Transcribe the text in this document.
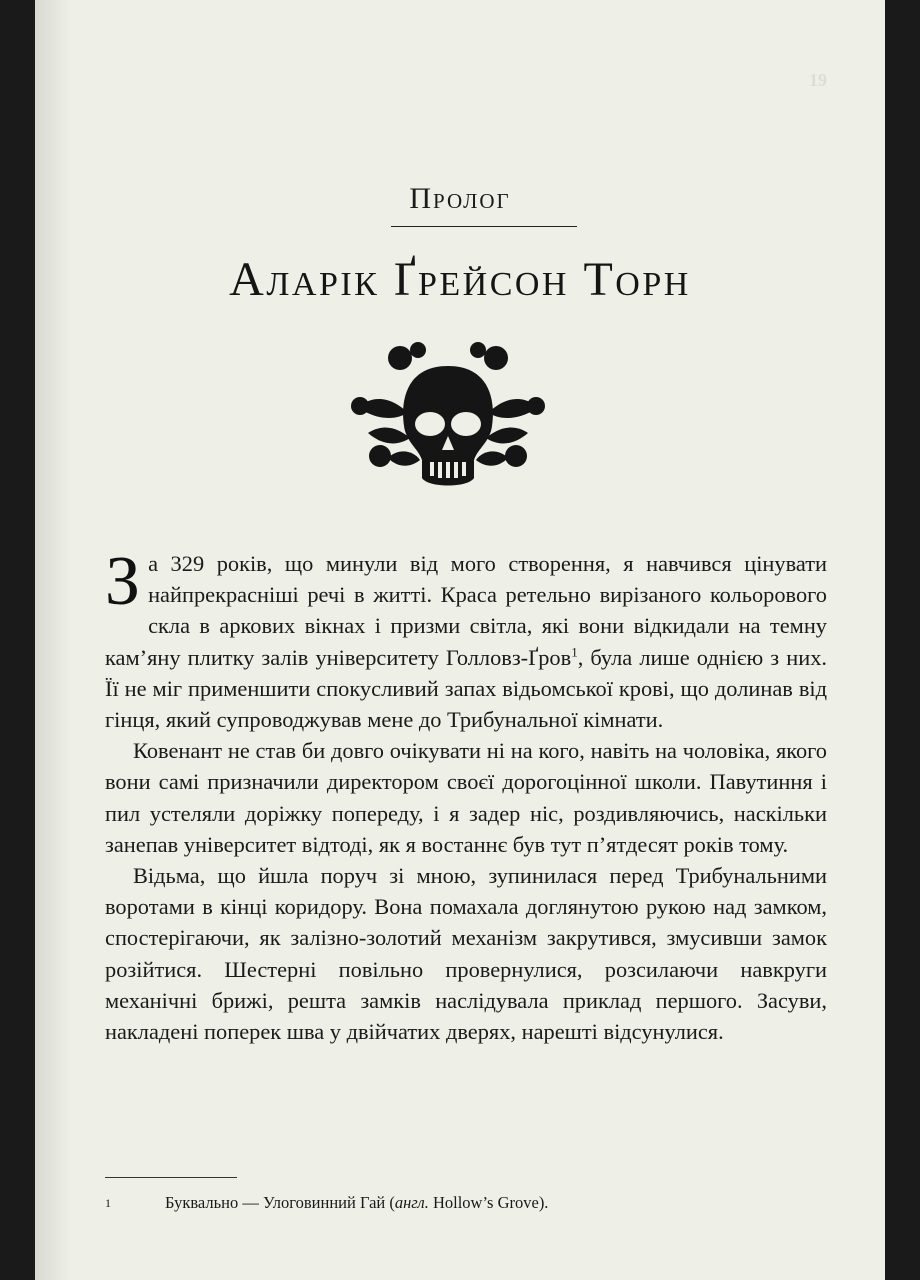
19
Пролог
Аларік Ґрейсон Торн

За 329 років, що минули від мого створення, я навчився цінувати найпрекрасніші речі в житті. Краса ретельно вирізаного кольорового скла в аркових вікнах і призми світла, які вони відкидали на темну кам’яну плитку залів університету Голловз-Ґров$^1$, була лише однією з них. Її не міг применшити спокусливий запах відьомської крові, що долинав від гінця, який супроводжував мене до Трибунальної кімнати.

Ковенант не став би довго очікувати ні на кого, навіть на чоловіка, якого вони самі призначили директором своєї дорогоцінної школи. Павутиння і пил устеляли доріжку попереду, і я задер ніс, роздивляючись, наскільки занепав університет відтоді, як я востаннє був тут п’ятдесят років тому.

Відьма, що йшла поруч зі мною, зупинилася перед Трибунальними воротами в кінці коридору. Вона помахала доглянутою рукою над замком, спостерігаючи, як залізно-золотий механізм закрутився, змусивши замок розійтися. Шестерні повільно провернулися, розсилаючи навкруги механічні брижі, решта замків наслідувала приклад першого. Засуви, накладені поперек шва у двійчатих дверях, нарешті відсунулися.

1	Буквально — Улоговинний Гай (англ. Hollow’s Grove).
